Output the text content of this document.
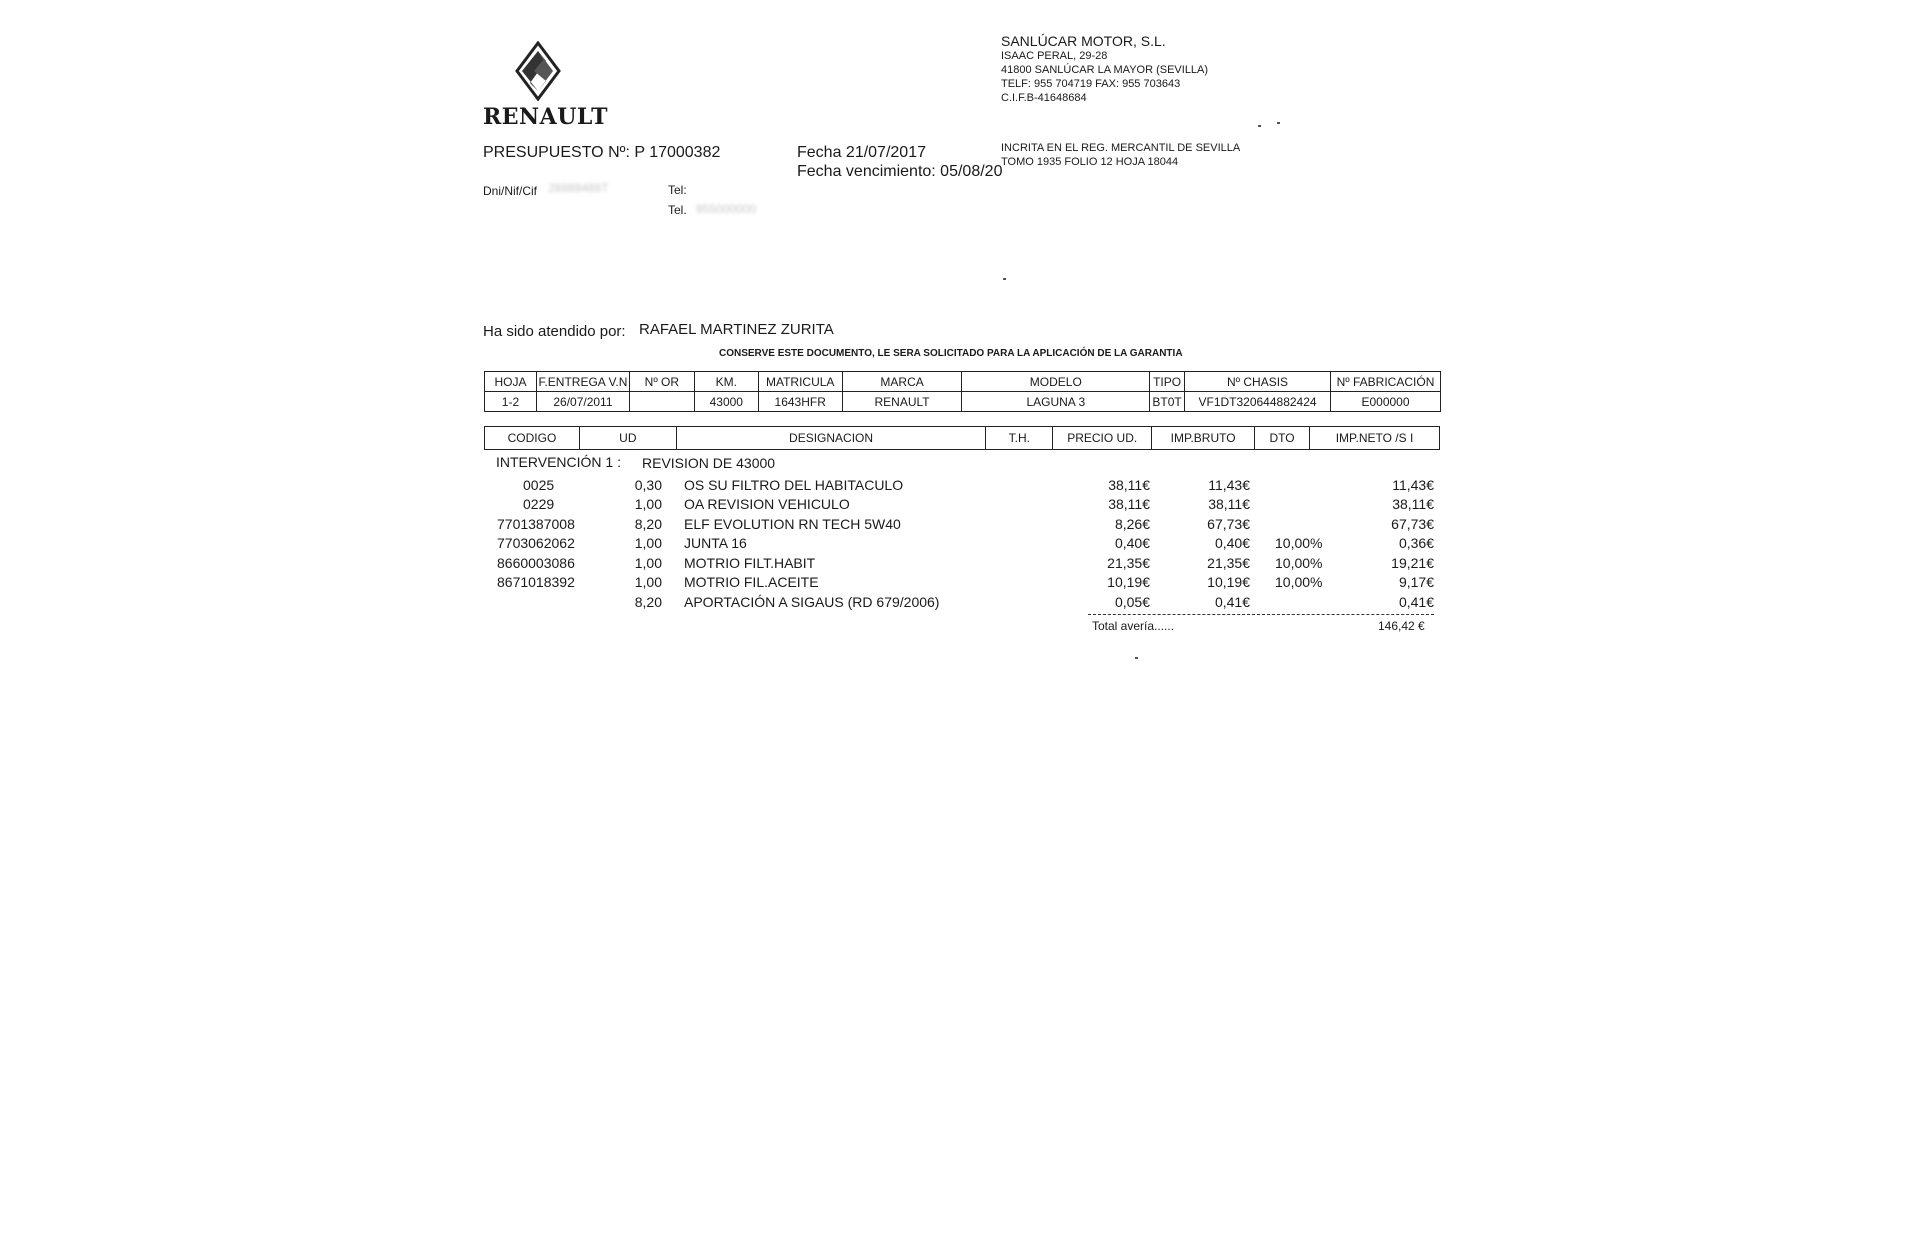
RENAULT
SANLÚCAR MOTOR, S.L.
ISAAC PERAL, 29-28
41800 SANLÚCAR LA MAYOR (SEVILLA)
TELF: 955 704719 FAX: 955 703643
C.I.F.B-41648684
INCRITA EN EL REG. MERCANTIL DE SEVILLA
TOMO 1935 FOLIO 12 HOJA 18044
PRESUPUESTO Nº: P 17000382	Fecha 21/07/2017
Fecha vencimiento: 05/08/20
Dni/Nif/Cif 28888488T	Tel:
Tel. 955000000
Ha sido atendido por: RAFAEL MARTINEZ ZURITA
CONSERVE ESTE DOCUMENTO, LE SERA SOLICITADO PARA LA APLICACIÓN DE LA GARANTIA
HOJA	F.ENTREGA V.N	Nº OR	KM.	MATRICULA	MARCA	MODELO	TIPO	Nº CHASIS	Nº FABRICACIÓN
1-2	26/07/2011		43000	1643HFR	RENAULT	LAGUNA 3	BT0T	VF1DT320644882424	E000000
CODIGO	UD	DESIGNACION	T.H.	PRECIO UD.	IMP.BRUTO	DTO	IMP.NETO /S I
INTERVENCIÓN 1 : REVISION DE 43000
0025	0,30 OS SU FILTRO DEL HABITACULO	38,11€	11,43€	11,43€
0229	1,00 OA REVISION VEHICULO	38,11€	38,11€	38,11€
7701387008	8,20 ELF EVOLUTION RN TECH 5W40	8,26€	67,73€	67,73€
7703062062	1,00 JUNTA 16	0,40€	0,40€ 10,00%	0,36€
8660003086	1,00 MOTRIO FILT.HABIT	21,35€	21,35€ 10,00%	19,21€
8671018392	1,00 MOTRIO FIL.ACEITE	10,19€	10,19€ 10,00%	9,17€
8,20 APORTACIÓN A SIGAUS (RD 679/2006)	0,05€	0,41€	0,41€
Total avería......	146,42 €
